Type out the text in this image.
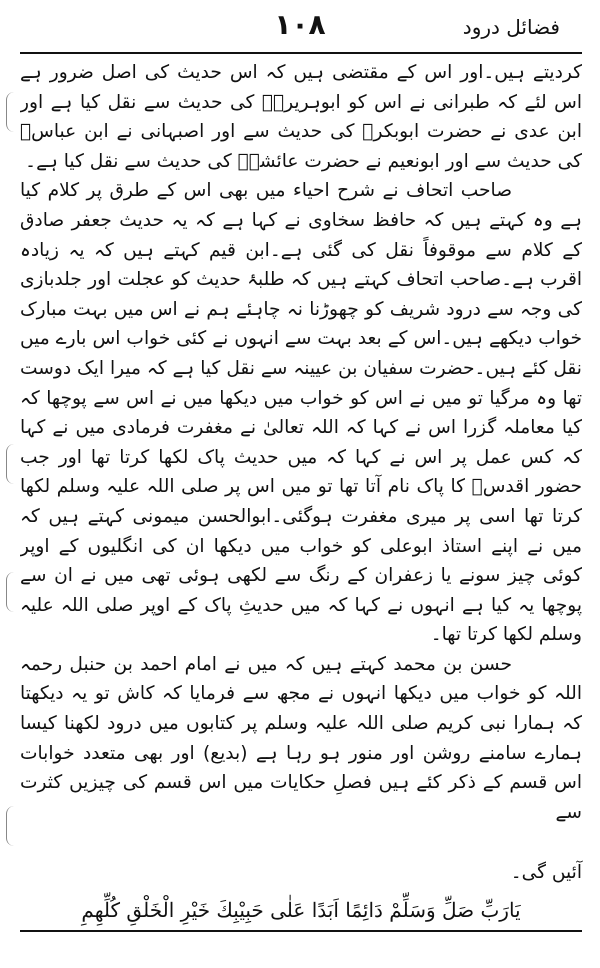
فضائل درود
۱۰۸

کردیتے ہیں۔اور اس کے مقتضی ہیں کہ اس حدیث کی اصل ضرور ہے اس لئے کہ طبرانی نے اس کو ابوہریرہؓ کی حدیث سے نقل کیا ہے اور ابن عدی نے حضرت ابوبکرؓ کی حدیث سے اور اصبہانی نے ابن عباسؓ کی حدیث سے اور ابونعیم نے حضرت عائشہؓ کی حدیث سے نقل کیا ہے۔

صاحب اتحاف نے شرح احیاء میں بھی اس کے طرق پر کلام کیا ہے وہ کہتے ہیں کہ حافظ سخاوی نے کہا ہے کہ یہ حدیث جعفر صادق کے کلام سے موقوفاً نقل کی گئی ہے۔ابن قیم کہتے ہیں کہ یہ زیادہ اقرب ہے۔صاحب اتحاف کہتے ہیں کہ طلبۂ حدیث کو عجلت اور جلدبازی کی وجہ سے درود شریف کو چھوڑنا نہ چاہئے ہم نے اس میں بہت مبارک خواب دیکھے ہیں۔اس کے بعد بہت سے انہوں نے کئی خواب اس بارے میں نقل کئے ہیں۔حضرت سفیان بن عیینہ سے نقل کیا ہے کہ میرا ایک دوست تھا وہ مرگیا تو میں نے اس کو خواب میں دیکھا میں نے اس سے پوچھا کہ کیا معاملہ گزرا اس نے کہا کہ اللہ تعالیٰ نے مغفرت فرمادی میں نے کہا کہ کس عمل پر اس نے کہا کہ میں حدیث پاک لکھا کرتا تھا اور جب حضور اقدسؐ کا پاک نام آتا تھا تو میں اس پر صلی اللہ علیہ وسلم لکھا کرتا تھا اسی پر میری مغفرت ہوگئی۔ابوالحسن میمونی کہتے ہیں کہ میں نے اپنے استاذ ابوعلی کو خواب میں دیکھا ان کی انگلیوں کے اوپر کوئی چیز سونے یا زعفران کے رنگ سے لکھی ہوئی تھی میں نے ان سے پوچھا یہ کیا ہے انہوں نے کہا کہ میں حدیثِ پاک کے اوپر صلی اللہ علیہ وسلم لکھا کرتا تھا۔

حسن بن محمد کہتے ہیں کہ میں نے امام احمد بن حنبل رحمہ اللہ کو خواب میں دیکھا انہوں نے مجھ سے فرمایا کہ کاش تو یہ دیکھتا کہ ہمارا نبی کریم صلی اللہ علیہ وسلم پر کتابوں میں درود لکھنا کیسا ہمارے سامنے روشن اور منور ہو رہا ہے (بدیع) اور بھی متعدد خوابات اس قسم کے ذکر کئے ہیں فصلِ حکایات میں اس قسم کی چیزیں کثرت سے

آئیں گی۔
یَارَبِّ صَلِّ وَسَلِّمْ دَائِمًا اَبَدًا عَلٰى حَبِيْبِكَ خَيْرِ الْخَلْقِ كُلِّهِمِ
